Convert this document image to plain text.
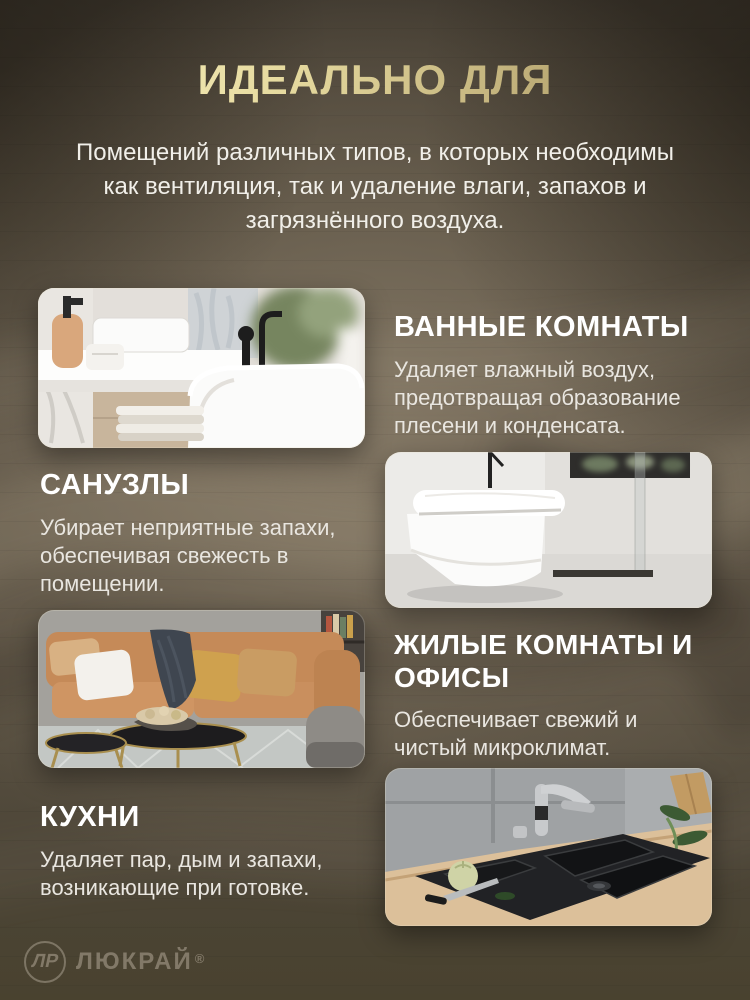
ИДЕАЛЬНО ДЛЯ
Помещений различных типов, в которых необходимы как вентиляция, так и удаление влаги, запахов и загрязнённого воздуха.
ВАННЫЕ КОМНАТЫ

Удаляет влажный воздух, предотвращая образование плесени и конденсата.

САНУЗЛЫ

Убирает неприятные запахи, обеспечивая свежесть в помещении.

ЖИЛЫЕ КОМНАТЫ И ОФИСЫ

Обеспечивает свежий и чистый микроклимат.

КУХНИ

Удаляет пар, дым и запахи, возникающие при готовке.

ЛР ЛЮКРАЙ ®
